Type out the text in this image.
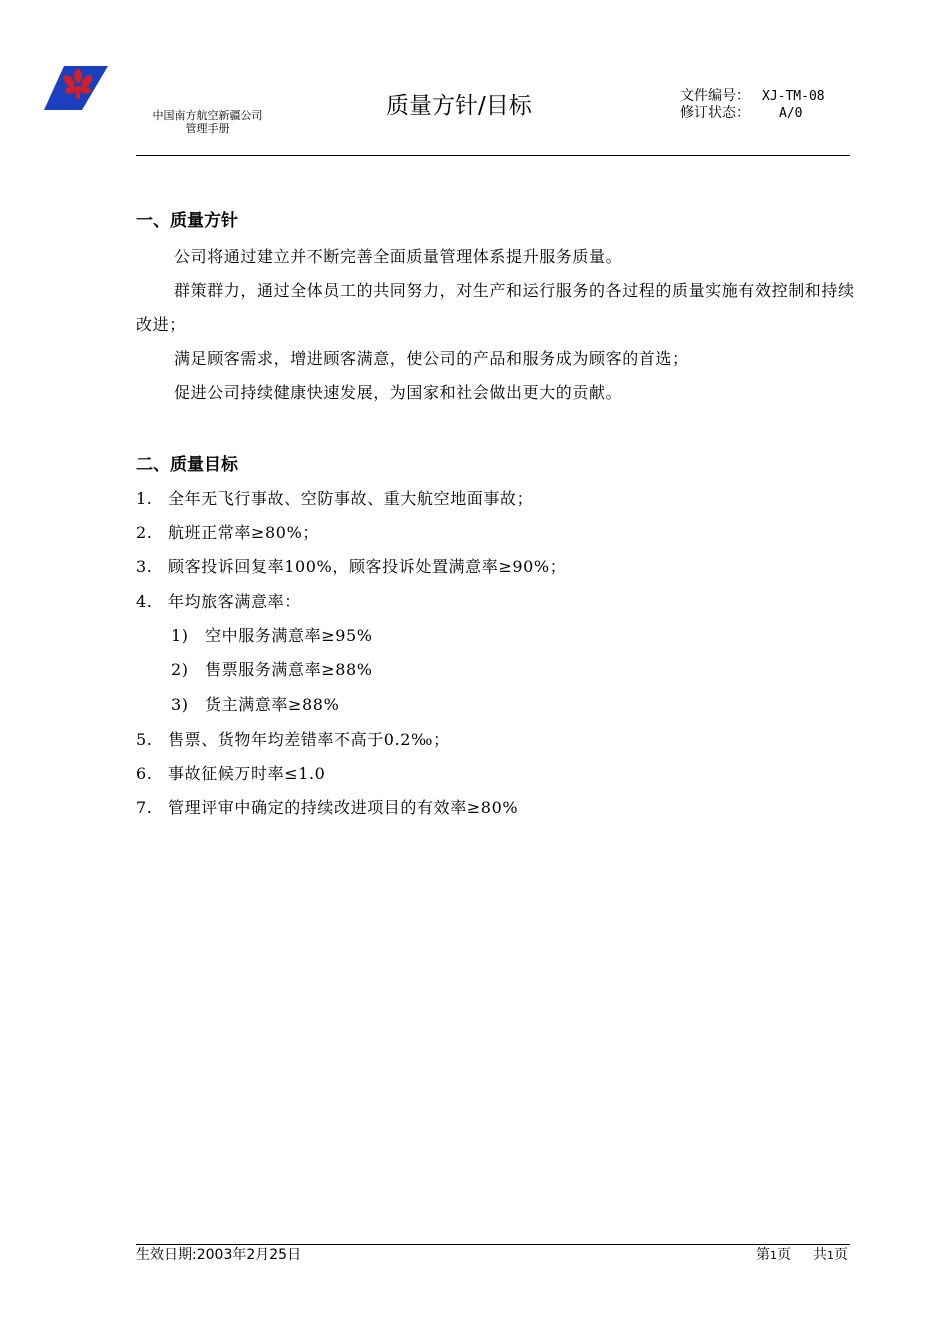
中国南方航空新疆公司
管理手册
质量方针/目标	文件编号： XJ-TM-08
修订状态： A/0
一、质量方针
公司将通过建立并不断完善全面质量管理体系提升服务质量。
群策群力，通过全体员工的共同努力，对生产和运行服务的各过程的质量实施有效控制和持续改进；
满足顾客需求，增进顾客满意，使公司的产品和服务成为顾客的首选；
促进公司持续健康快速发展，为国家和社会做出更大的贡献。
二、质量目标
1. 全年无飞行事故、空防事故、重大航空地面事故；
2. 航班正常率≥80%；
3. 顾客投诉回复率100%，顾客投诉处置满意率≥90%；
4. 年均旅客满意率：
1) 空中服务满意率≥95%
2) 售票服务满意率≥88%
3) 货主满意率≥88%
5. 售票、货物年均差错率不高于0.2‰；
6. 事故征候万时率≤1.0
7. 管理评审中确定的持续改进项目的有效率≥80%
生效日期:2003年2月25日	第1页 共1页
